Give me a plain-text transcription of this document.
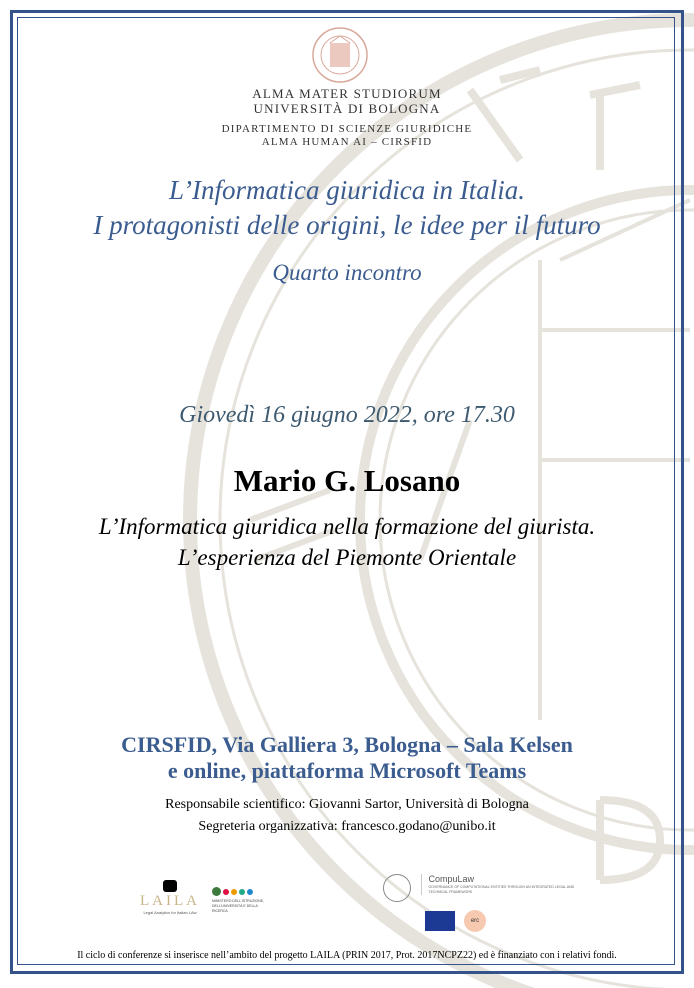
ALMA MATER STUDIORUM
UNIVERSITÀ DI BOLOGNA
DIPARTIMENTO DI SCIENZE GIURIDICHE
ALMA HUMAN AI – CIRSFID
L’Informatica giuridica in Italia.
I protagonisti delle origini, le idee per il futuro
Quarto incontro
Giovedì 16 giugno 2022, ore 17.30
Mario G. Losano
L’Informatica giuridica nella formazione del giurista.
L’esperienza del Piemonte Orientale
CIRSFID, Via Galliera 3, Bologna – Sala Kelsen
e online, piattaforma Microsoft Teams
Responsabile scientifico: Giovanni Sartor, Università di Bologna
Segreteria organizzativa: francesco.godano@unibo.it
LAILA
Legal Analytics for Italian LAw
MINISTERO DELL'ISTRUZIONE, DELL'UNIVERSITÀ E DELLA RICERCA

CompuLaw
GOVERNANCE OF COMPUTATIONAL ENTITIES THROUGH AN INTEGRATED LEGAL AND TECHNICAL FRAMEWORK
erc
Il ciclo di conferenze si inserisce nell’ambito del progetto LAILA (PRIN 2017, Prot. 2017NCPZ22) ed è finanziato con i relativi fondi.
